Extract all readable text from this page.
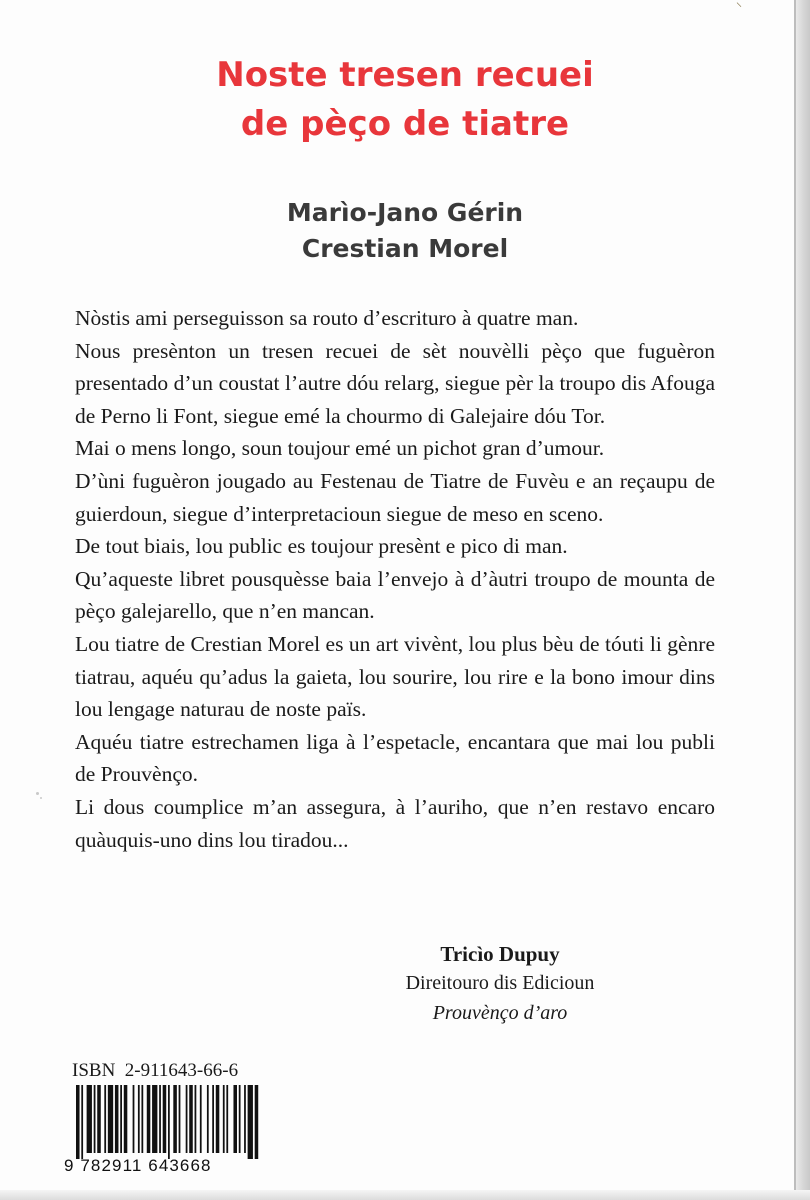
⸌
Noste tresen recuei
de pèço de tiatre
Marìo-Jano Gérin
Crestian Morel

Nòstis ami perseguisson sa routo d’escrituro à quatre man.

Nous presènton un tresen recuei de sèt nouvèlli pèço que fuguèron presentado d’un coustat l’autre dóu relarg, siegue pèr la troupo dis Afouga de Perno li Font, siegue emé la chourmo di Galejaire dóu Tor.

Mai o mens longo, soun toujour emé un pichot gran d’umour.

D’ùni fuguèron jougado au Festenau de Tiatre de Fuvèu e an reçaupu de guierdoun, siegue d’interpretacioun siegue de meso en sceno.

De tout biais, lou public es toujour presènt e pico di man.

Qu’aqueste libret pousquèsse baia l’envejo à d’àutri troupo de mounta de pèço galejarello, que n’en mancan.

Lou tiatre de Crestian Morel es un art vivènt, lou plus bèu de tóuti li gènre tiatrau, aquéu qu’adus la gaieta, lou sourire, lou rire e la bono imour dins lou lengage naturau de noste païs.

Aquéu tiatre estrechamen liga à l’espetacle, encantara que mai lou publi de Prouvènço.

Li dous coumplice m’an assegura, à l’auriho, que n’en restavo encaro quàuquis-uno dins lou tiradou...

Tricìo Dupuy
Direitouro dis Edicioun
Prouvènço d’aro
ISBN  2-911643-66-6
9 782911 643668
